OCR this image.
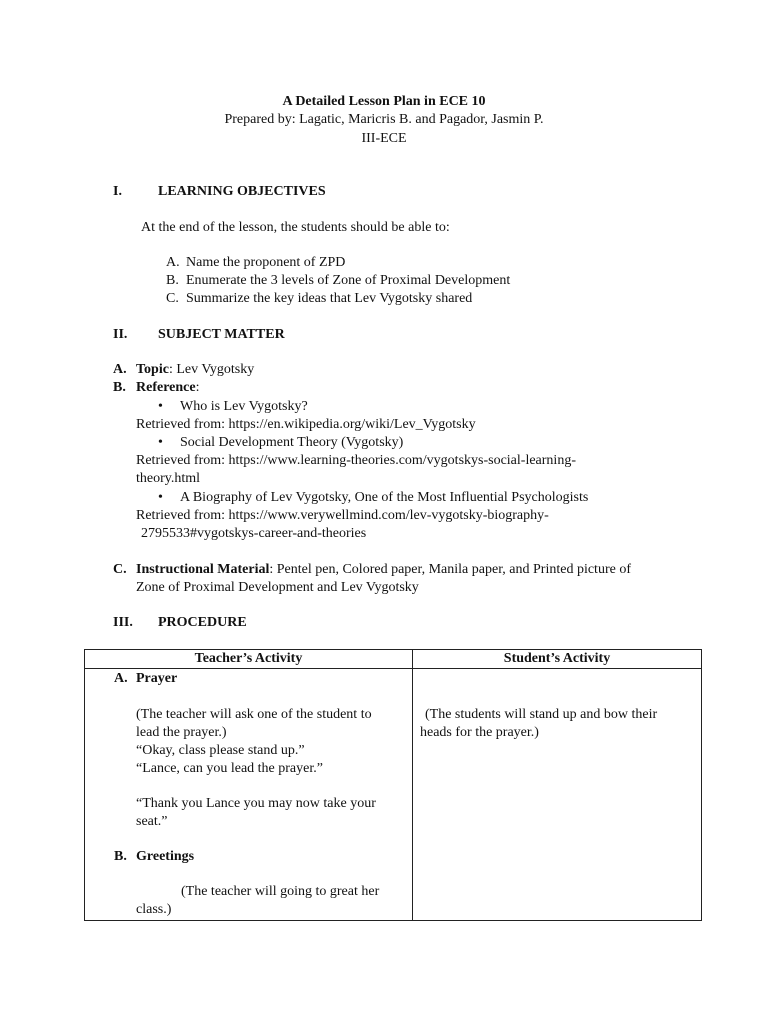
A Detailed Lesson Plan in ECE 10
Prepared by: Lagatic, Maricris B. and Pagador, Jasmin P.
III-ECE
I.	LEARNING OBJECTIVES
At the end of the lesson, the students should be able to:
A. Name the proponent of ZPD
B. Enumerate the 3 levels of Zone of Proximal Development
C. Summarize the key ideas that Lev Vygotsky shared
II. SUBJECT MATTER
A. Topic: Lev Vygotsky
B. Reference:
• Who is Lev Vygotsky?
Retrieved from: https://en.wikipedia.org/wiki/Lev_Vygotsky
• Social Development Theory (Vygotsky)
Retrieved from: https://www.learning-theories.com/vygotskys-social-learning-
theory.html
• A Biography of Lev Vygotsky, One of the Most Influential Psychologists
Retrieved from: https://www.verywellmind.com/lev-vygotsky-biography-
2795533#vygotskys-career-and-theories
C. Instructional Material: Pentel pen, Colored paper, Manila paper, and Printed picture of
Zone of Proximal Development and Lev Vygotsky
III. PROCEDURE
Teacher’s Activity	Student’s Activity
A. Prayer
(The teacher will ask one of the student to
lead the prayer.)
“Okay, class please stand up.”
“Lance, can you lead the prayer.”
“Thank you Lance you may now take your
seat.”
(The students will stand up and bow their
heads for the prayer.)
B. Greetings
(The teacher will going to great her
class.)
